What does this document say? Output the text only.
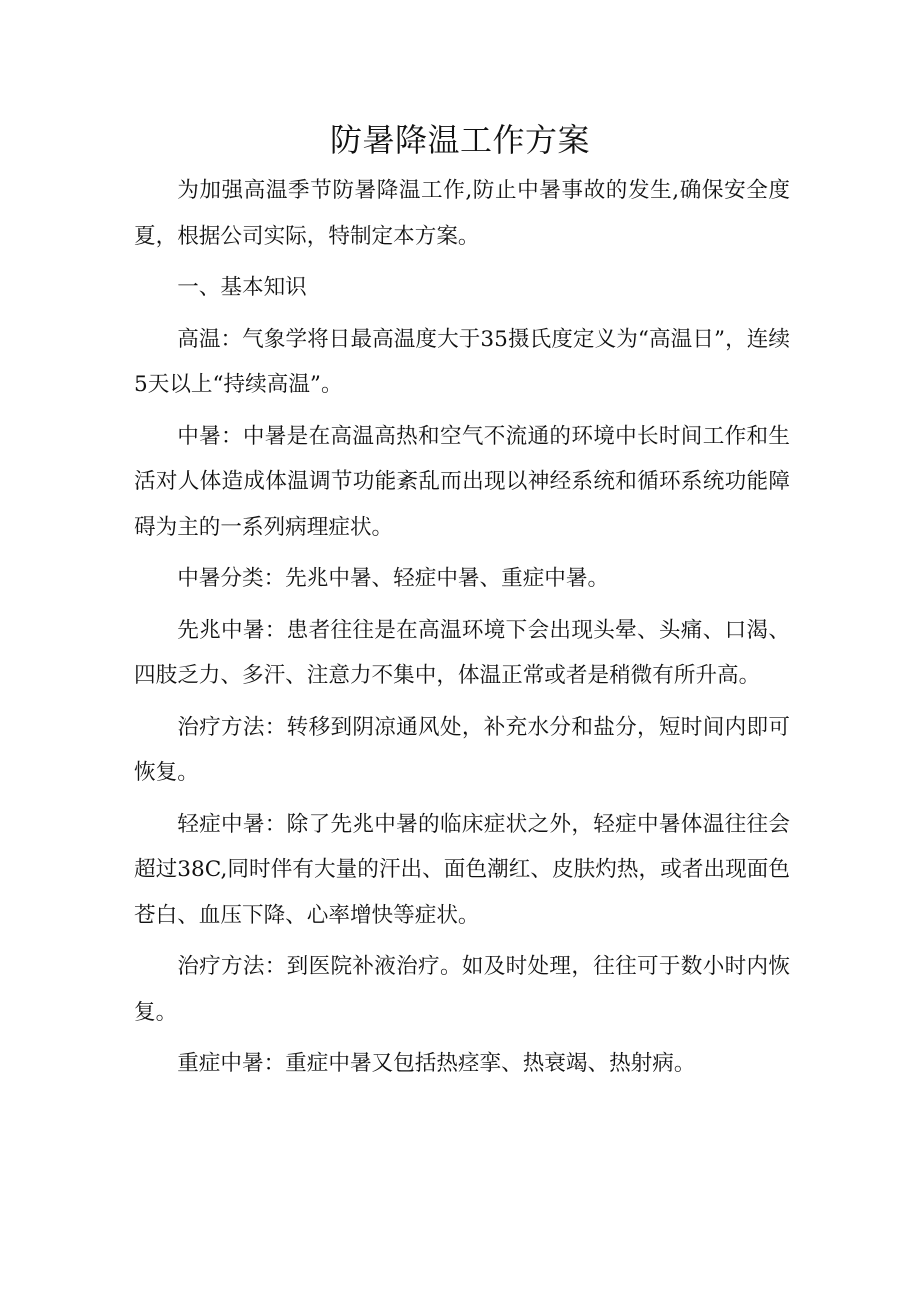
防暑降温工作方案

为加强高温季节防暑降温工作,防止中暑事故的发生,确保安全度夏，根据公司实际，特制定本方案。

一、基本知识

高温：气象学将日最高温度大于35摄氏度定义为“高温日”，连续5天以上“持续高温”。

中暑：中暑是在高温高热和空气不流通的环境中长时间工作和生活对人体造成体温调节功能紊乱而出现以神经系统和循环系统功能障碍为主的一系列病理症状。

中暑分类：先兆中暑、轻症中暑、重症中暑。

先兆中暑：患者往往是在高温环境下会出现头晕、头痛、口渴、四肢乏力、多汗、注意力不集中，体温正常或者是稍微有所升高。

治疗方法：转移到阴凉通风处，补充水分和盐分，短时间内即可恢复。

轻症中暑：除了先兆中暑的临床症状之外，轻症中暑体温往往会超过38C,同时伴有大量的汗出、面色潮红、皮肤灼热，或者出现面色苍白、血压下降、心率增快等症状。

治疗方法：到医院补液治疗。如及时处理，往往可于数小时内恢复。

重症中暑：重症中暑又包括热痉挛、热衰竭、热射病。
